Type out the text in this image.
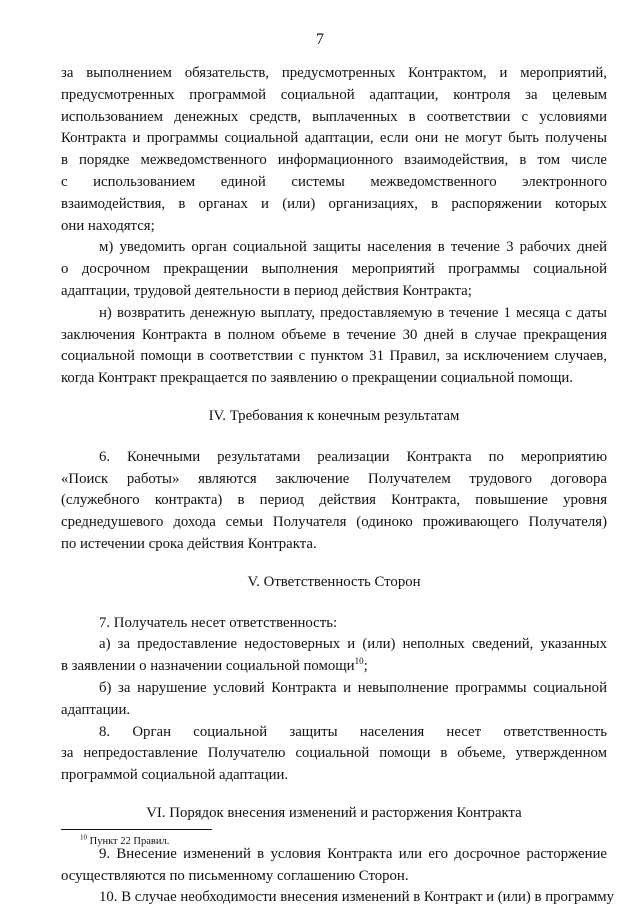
7
за выполнением обязательств, предусмотренных Контрактом, и мероприятий,
предусмотренных программой социальной адаптации, контроля за целевым
использованием денежных средств, выплаченных в соответствии с условиями
Контракта и программы социальной адаптации, если они не могут быть получены
в порядке межведомственного информационного взаимодействия, в том числе
с использованием единой системы межведомственного электронного
взаимодействия, в органах и (или) организациях, в распоряжении которых
они находятся;
м) уведомить орган социальной защиты населения в течение 3 рабочих дней
о досрочном прекращении выполнения мероприятий программы социальной
адаптации, трудовой деятельности в период действия Контракта;
н) возвратить денежную выплату, предоставляемую в течение 1 месяца с даты
заключения Контракта в полном объеме в течение 30 дней в случае прекращения
социальной помощи в соответствии с пунктом 31 Правил, за исключением случаев,
когда Контракт прекращается по заявлению о прекращении социальной помощи.
IV. Требования к конечным результатам
6. Конечными результатами реализации Контракта по мероприятию
«Поиск работы» являются заключение Получателем трудового договора
(служебного контракта) в период действия Контракта, повышение уровня
среднедушевого дохода семьи Получателя (одиноко проживающего Получателя)
по истечении срока действия Контракта.
V. Ответственность Сторон
7. Получатель несет ответственность:
а) за предоставление недостоверных и (или) неполных сведений, указанных
в заявлении о назначении социальной помощи$^{10}$;
б) за нарушение условий Контракта и невыполнение программы социальной
адаптации.
8. Орган социальной защиты населения несет ответственность
за непредоставление Получателю социальной помощи в объеме, утвержденном
программой социальной адаптации.
VI. Порядок внесения изменений и расторжения Контракта
9. Внесение изменений в условия Контракта или его досрочное расторжение
осуществляются по письменному соглашению Сторон.
10. В случае необходимости внесения изменений в Контракт и (или) в программу
$^{10}$ Пункт 22 Правил.
